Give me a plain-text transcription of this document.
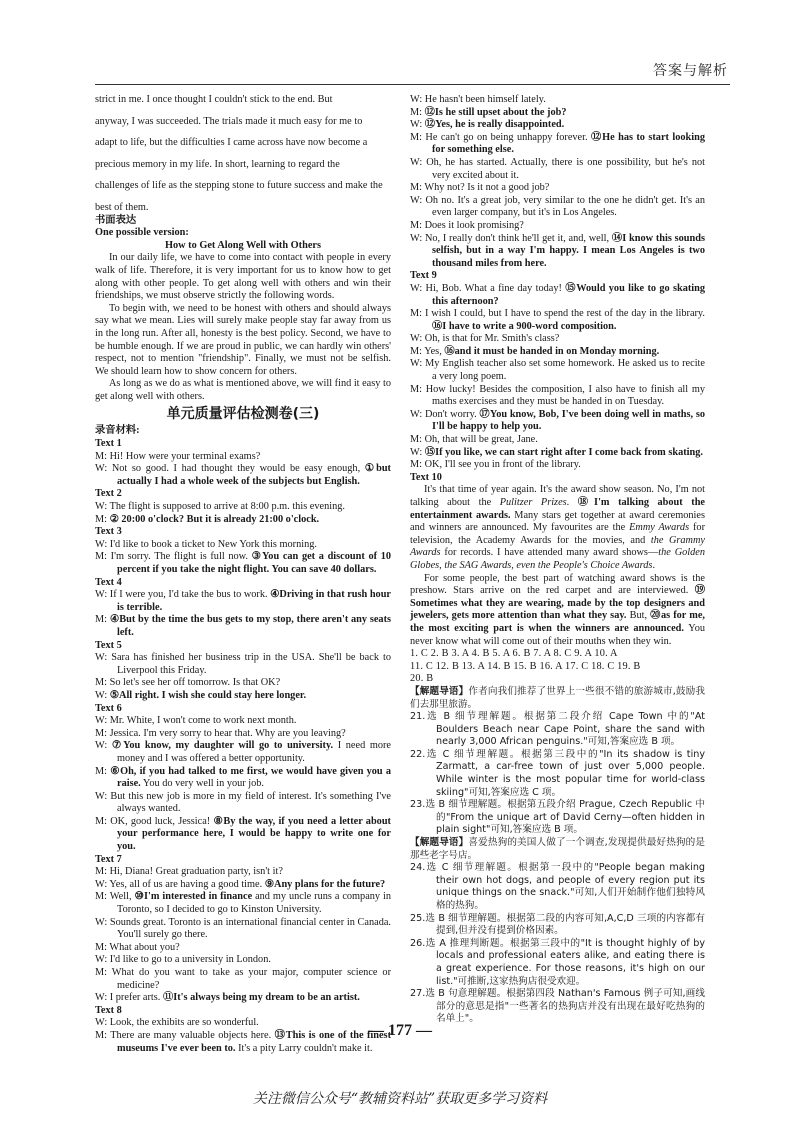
答案与解析

strict in me. I once thought I couldn't stick to the end. But

anyway, I was succeeded. The trials made it much easy for me to

adapt to life, but the difficulties I came across have now become a

precious memory in my life. In short, learning to regard the

challenges of life as the stepping stone to future success and make the

best of them.

书面表达

One possible version:

How to Get Along Well with Others

In our daily life, we have to come into contact with people in every walk of life. Therefore, it is very important for us to know how to get along with other people. To get along well with others and win their friendships, we must observe strictly the following words.

To begin with, we need to be honest with others and should always say what we mean. Lies will surely make people stay far away from us in the long run. After all, honesty is the best policy. Second, we have to be humble enough. If we are proud in public, we can hardly win others' respect, not to mention "friendship". Finally, we must not be selfish. We should learn how to show concern for others.

As long as we do as what is mentioned above, we will find it easy to get along well with others.

单元质量评估检测卷(三)

录音材料:

Text 1

M: Hi! How were your terminal exams?

W: Not so good. I had thought they would be easy enough, ①but actually I had a whole week of the subjects but English.

Text 2

W: The flight is supposed to arrive at 8:00 p.m. this evening.

M: ② 20:00 o'clock? But it is already 21:00 o'clock.

Text 3

W: I'd like to book a ticket to New York this morning.

M: I'm sorry. The flight is full now. ③You can get a discount of 10 percent if you take the night flight. You can save 40 dollars.

Text 4

W: If I were you, I'd take the bus to work. ④Driving in that rush hour is terrible.

M: ④But by the time the bus gets to my stop, there aren't any seats left.

Text 5

W: Sara has finished her business trip in the USA. She'll be back to Liverpool this Friday.

M: So let's see her off tomorrow. Is that OK?

W: ⑤All right. I wish she could stay here longer.

Text 6

W: Mr. White, I won't come to work next month.

M: Jessica. I'm very sorry to hear that. Why are you leaving?

W: ⑦You know, my daughter will go to university. I need more money and I was offered a better opportunity.

M: ⑥Oh, if you had talked to me first, we would have given you a raise. You do very well in your job.

W: But this new job is more in my field of interest. It's something I've always wanted.

M: OK, good luck, Jessica! ⑧By the way, if you need a letter about your performance here, I would be happy to write one for you.

Text 7

M: Hi, Diana! Great graduation party, isn't it?

W: Yes, all of us are having a good time. ⑨Any plans for the future?

M: Well, ⑩I'm interested in finance and my uncle runs a company in Toronto, so I decided to go to Kinston University.

W: Sounds great. Toronto is an international financial center in Canada. You'll surely go there.

M: What about you?

W: I'd like to go to a university in London.

M: What do you want to take as your major, computer science or medicine?

W: I prefer arts. ⑪It's always being my dream to be an artist.

Text 8

W: Look, the exhibits are so wonderful.

M: There are many valuable objects here. ⑬This is one of the finest museums I've ever been to. It's a pity Larry couldn't make it.

W: He hasn't been himself lately.

M: ⑫Is he still upset about the job?

W: ⑫Yes, he is really disappointed.

M: He can't go on being unhappy forever. ⑫He has to start looking for something else.

W: Oh, he has started. Actually, there is one possibility, but he's not very excited about it.

M: Why not? Is it not a good job?

W: Oh no. It's a great job, very similar to the one he didn't get. It's an even larger company, but it's in Los Angeles.

M: Does it look promising?

W: No, I really don't think he'll get it, and, well, ⑭I know this sounds selfish, but in a way I'm happy. I mean Los Angeles is two thousand miles from here.

Text 9

W: Hi, Bob. What a fine day today! ⑮Would you like to go skating this afternoon?

M: I wish I could, but I have to spend the rest of the day in the library. ⑯I have to write a 900-word composition.

W: Oh, is that for Mr. Smith's class?

M: Yes, ⑯and it must be handed in on Monday morning.

W: My English teacher also set some homework. He asked us to recite a very long poem.

M: How lucky! Besides the composition, I also have to finish all my maths exercises and they must be handed in on Tuesday.

W: Don't worry. ⑰You know, Bob, I've been doing well in maths, so I'll be happy to help you.

M: Oh, that will be great, Jane.

W: ⑮If you like, we can start right after I come back from skating.

M: OK, I'll see you in front of the library.

Text 10

It's that time of year again. It's the award show season. No, I'm not talking about the Pulitzer Prizes. ⑱I'm talking about the entertainment awards. Many stars get together at award ceremonies and winners are announced. My favourites are the Emmy Awards for television, the Academy Awards for the movies, and the Grammy Awards for records. I have attended many award shows—the Golden Globes, the SAG Awards, even the People's Choice Awards.

For some people, the best part of watching award shows is the preshow. Stars arrive on the red carpet and are interviewed. ⑲ Sometimes what they are wearing, made by the top designers and jewelers, gets more attention than what they say. But, ⑳as for me, the most exciting part is when the winners are announced. You never know what will come out of their mouths when they win.

1. C 2. B 3. A 4. B 5. A 6. B 7. A 8. C 9. A 10. A

11. C 12. B 13. A 14. B 15. B 16. A 17. C 18. C 19. B

20. B

【解题导语】作者向我们推荐了世界上一些很不错的旅游城市,鼓励我们去那里旅游。

21.选 B 细节理解题。根据第二段介绍 Cape Town 中的"At Boulders Beach near Cape Point, share the sand with nearly 3,000 African penguins."可知,答案应选 B 项。

22.选 C 细节理解题。根据第三段中的"In its shadow is tiny Zarmatt, a car-free town of just over 5,000 people. While winter is the most popular time for world-class skiing"可知,答案应选 C 项。

23.选 B 细节理解题。根据第五段介绍 Prague, Czech Republic 中的"From the unique art of David Cerny—often hidden in plain sight"可知,答案应选 B 项。

【解题导语】喜爱热狗的美国人做了一个调查,发现提供最好热狗的是那些老字号店。

24.选 C 细节理解题。根据第一段中的"People began making their own hot dogs, and people of every region put its unique things on the snack."可知,人们开始制作他们独特风格的热狗。

25.选 B 细节理解题。根据第二段的内容可知,A,C,D 三项的内容都有提到,但并没有提到价格因素。

26.选 A 推理判断题。根据第三段中的"It is thought highly of by locals and professional eaters alike, and eating there is a great experience. For those reasons, it's high on our list."可推断,这家热狗店很受欢迎。

27.选 B 句意理解题。根据第四段 Nathan's Famous 例子可知,画线部分的意思是指"一些著名的热狗店并没有出现在最好吃热狗的名单上"。

— 177 —
关注微信公众号“教辅资料站”获取更多学习资料
